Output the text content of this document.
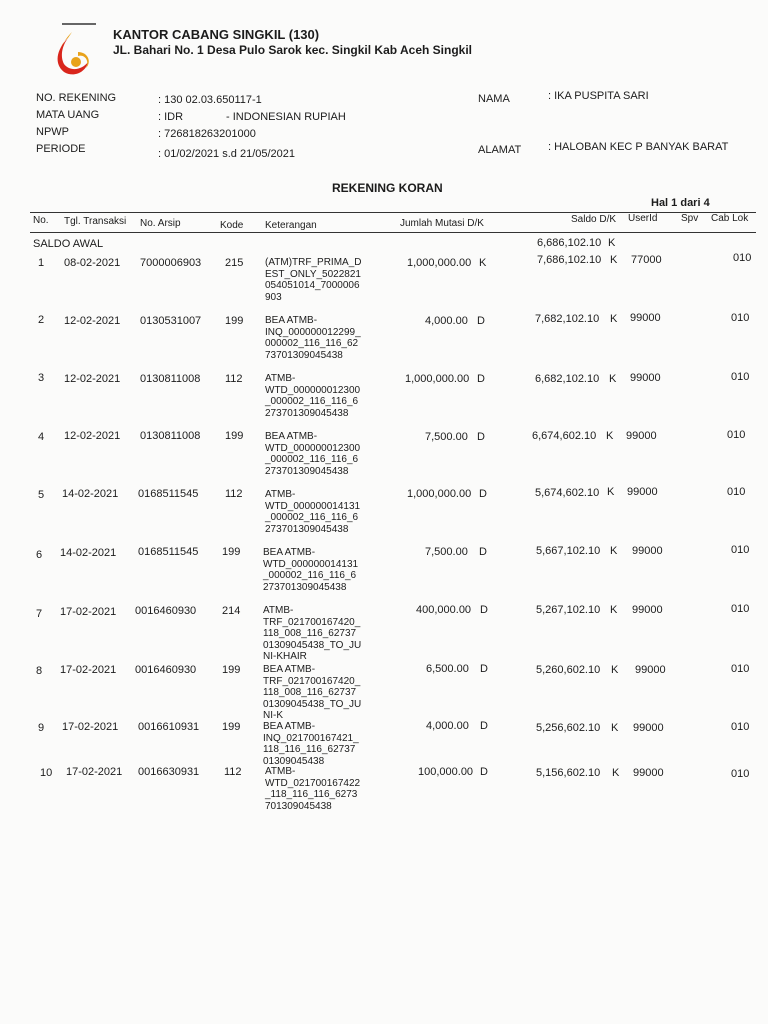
KANTOR CABANG SINGKIL (130)
JL. Bahari No. 1 Desa Pulo Sarok kec. Singkil Kab Aceh Singkil
NO. REKENING	: 130 02.03.650117-1
MATA UANG	: IDR	- INDONESIAN RUPIAH
NPWP	: 726818263201000
PERIODE	: 01/02/2021 s.d 21/05/2021
NAMA	: IKA PUSPITA SARI
ALAMAT : HALOBAN KEC P BANYAK BARAT
REKENING KORAN
Hal 1 dari 4
No. Tgl. Transaksi No. Arsip	Kode Keterangan	Jumlah Mutasi D/K	Saldo D/K UserId Spv Cab Lok
SALDO AWAL	6,686,102.10 K
1 08-02-2021 7000006903 215 (ATM)TRF_PRIMA_D
EST_ONLY_5022821
054051014_7000006
903
1,000,000.00 K	7,686,102.10 K 77000	010
2 12-02-2021 0130531007 199 BEA ATMB-
INQ_000000012299_
000002_116_116_62
73701309045438
4,000.00 D	7,682,102.10 K 99000	010
3 12-02-2021 0130811008 112 ATMB-
WTD_000000012300
_000002_116_116_6
273701309045438
1,000,000.00 D	6,682,102.10 K 99000	010
4 12-02-2021 0130811008 199 BEA ATMB-
WTD_000000012300
_000002_116_116_6
273701309045438
7,500.00 D	6,674,602.10 K 99000	010
5 14-02-2021 0168511545 112 ATMB-
WTD_000000014131
_000002_116_116_6
273701309045438
1,000,000.00 D	5,674,602.10 K 99000	010
6 14-02-2021 0168511545 199 BEA ATMB-
WTD_000000014131
_000002_116_116_6
273701309045438
7,500.00 D	5,667,102.10 K 99000	010
7 17-02-2021 0016460930 214 ATMB-
TRF_021700167420_
118_008_116_62737
01309045438_TO_JU
NI-KHAIR
400,000.00 D	5,267,102.10 K 99000	010
8 17-02-2021 0016460930 199 BEA ATMB-
TRF_021700167420_
118_008_116_62737
01309045438_TO_JU
NI-K
6,500.00 D	5,260,602.10 K 99000	010
9 17-02-2021 0016610931 199 BEA ATMB-
INQ_021700167421_
118_116_116_62737
01309045438
4,000.00 D	5,256,602.10 K 99000	010
10 17-02-2021 0016630931 112 ATMB-
WTD_021700167422
_118_116_116_6273
701309045438
100,000.00 D	5,156,602.10 K 99000	010
